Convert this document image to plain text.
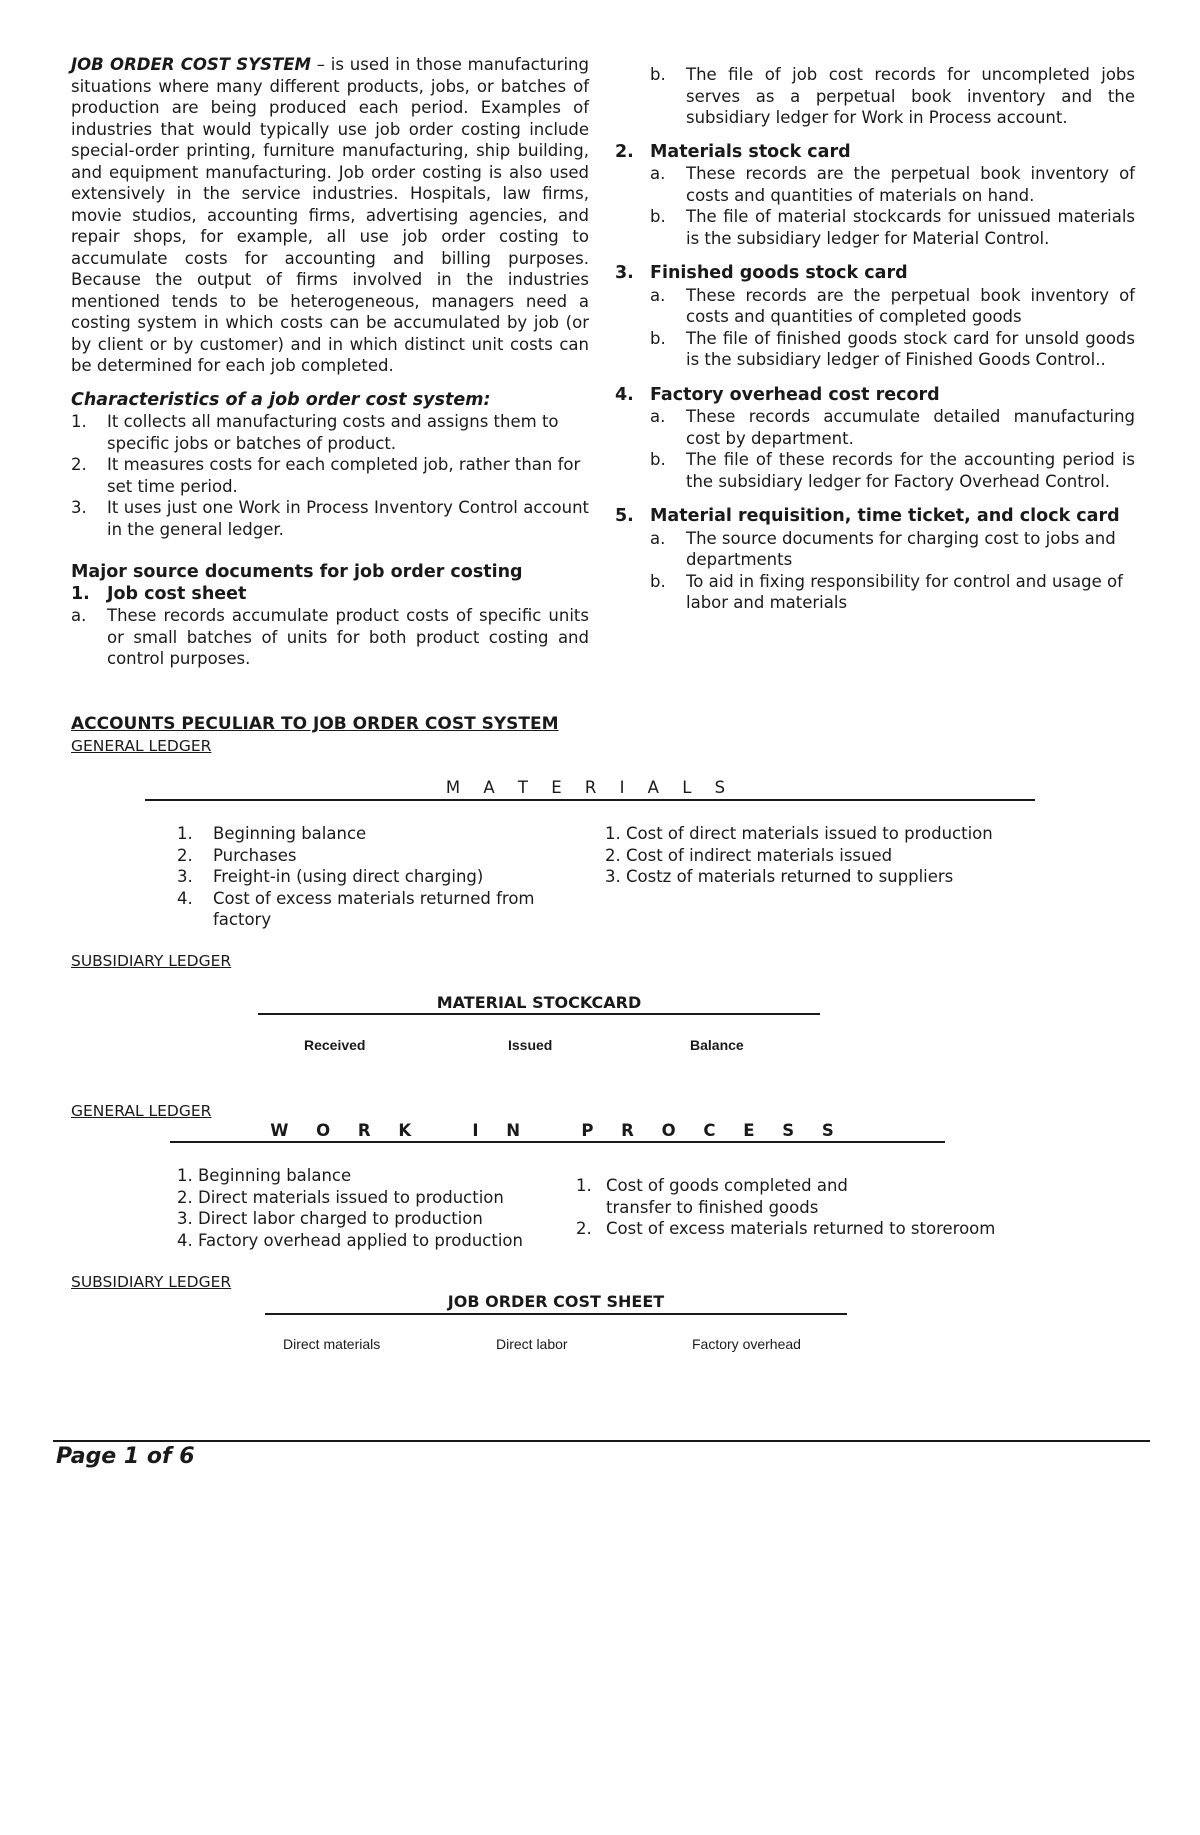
JOB ORDER COST SYSTEM – is used in those manufacturing situations where many different products, jobs, or batches of production are being produced each period. Examples of industries that would typically use job order costing include special-order printing, furniture manufacturing, ship building, and equipment manufacturing. Job order costing is also used extensively in the service industries. Hospitals, law firms, movie studios, accounting firms, advertising agencies, and repair shops, for example, all use job order costing to accumulate costs for accounting and billing purposes. Because the output of firms involved in the industries mentioned tends to be heterogeneous, managers need a costing system in which costs can be accumulated by job (or by client or by customer) and in which distinct unit costs can be determined for each job completed.

Characteristics of a job order cost system:
1.	It collects all manufacturing costs and assigns them to specific jobs or batches of product.
2.	It measures costs for each completed job, rather than for set time period.
3.	It uses just one Work in Process Inventory Control account in the general ledger.
Major source documents for job order costing
1. Job cost sheet
a.	These records accumulate product costs of specific units or small batches of units for both product costing and control purposes.
b.	The file of job cost records for uncompleted jobs serves as a perpetual book inventory and the subsidiary ledger for Work in Process account.
2. Materials stock card
a.	These records are the perpetual book inventory of costs and quantities of materials on hand.
b.	The file of material stockcards for unissued materials is the subsidiary ledger for Material Control.
3. Finished goods stock card
a.	These records are the perpetual book inventory of costs and quantities of completed goods
b.	The file of finished goods stock card for unsold goods is the subsidiary ledger of Finished Goods Control..
4. Factory overhead cost record
a.	These records accumulate detailed manufacturing cost by department.
b.	The file of these records for the accounting period is the subsidiary ledger for Factory Overhead Control.
5. Material requisition, time ticket, and clock card
a.	The source documents for charging cost to jobs and departments
b.	To aid in fixing responsibility for control and usage of labor and materials
ACCOUNTS PECULIAR TO JOB ORDER COST SYSTEM
GENERAL LEDGER
M A T E R I A L S
1.	Beginning balance
2.	Purchases
3.	Freight-in (using direct charging)
4.	Cost of excess materials returned from factory
1. Cost of direct materials issued to production
2. Cost of indirect materials issued
3. Costz of materials returned to suppliers
SUBSIDIARY LEDGER
MATERIAL STOCKCARD
Received	Issued	Balance
GENERAL LEDGER
W O R K   I N   P R O C E S S
1. Beginning balance
2. Direct materials issued to production
3. Direct labor charged to production
4. Factory overhead applied to production
1. Cost of goods completed and transfer to finished goods
2. Cost of excess materials returned to storeroom
SUBSIDIARY LEDGER
JOB ORDER COST SHEET
Direct materials	Direct labor	Factory overhead
Page 1 of 6
